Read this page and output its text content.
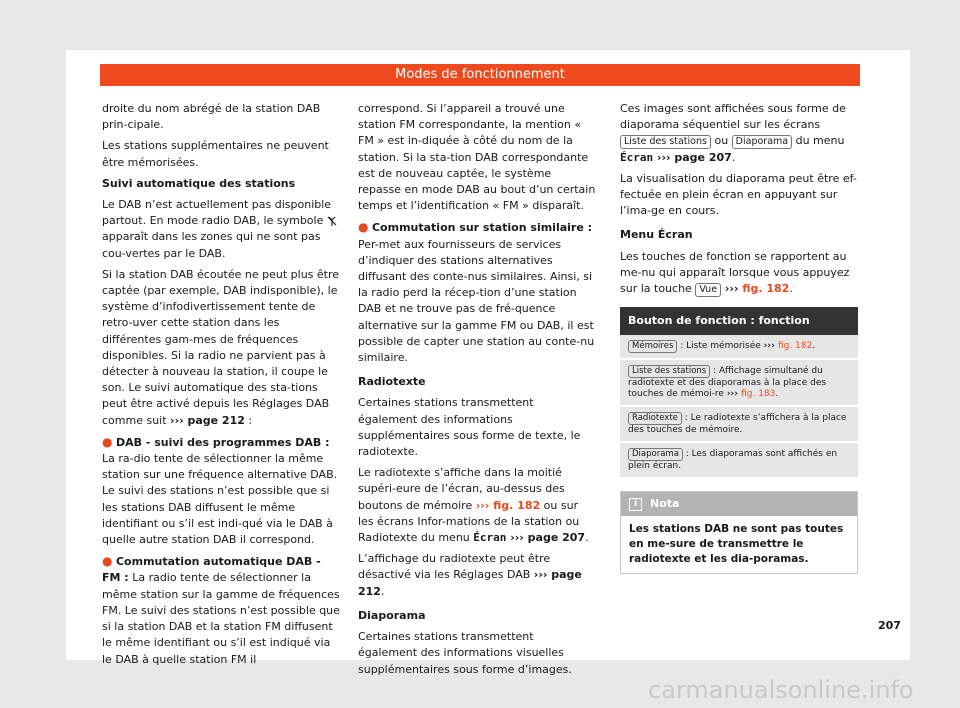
Modes de fonctionnement

droite du nom abrégé de la station DAB prin-cipale.

Les stations supplémentaires ne peuvent être mémorisées.

Suivi automatique des stations

Le DAB n’est actuellement pas disponible partout. En mode radio DAB, le symbole  apparaît dans les zones qui ne sont pas cou-vertes par le DAB.

Si la station DAB écoutée ne peut plus être captée (par exemple, DAB indisponible), le système d’infodivertissement tente de retro-uver cette station dans les différentes gam-mes de fréquences disponibles. Si la radio ne parvient pas à détecter à nouveau la station, il coupe le son. Le suivi automatique des sta-tions peut être activé depuis les Réglages DAB comme suit ››› page 212 :

● DAB - suivi des programmes DAB : La ra-dio tente de sélectionner la même station sur une fréquence alternative DAB. Le suivi des stations n’est possible que si les stations DAB diffusent le même identifiant ou s’il est indi-qué via le DAB à quelle autre station DAB il correspond.

● Commutation automatique DAB - FM : La radio tente de sélectionner la même station sur la gamme de fréquences FM. Le suivi des stations n’est possible que si la station DAB et la station FM diffusent le même identifiant ou s’il est indiqué via le DAB à quelle station FM il

correspond. Si l’appareil a trouvé une station FM correspondante, la mention « FM » est in-diquée à côté du nom de la station. Si la sta-tion DAB correspondante est de nouveau captée, le système repasse en mode DAB au bout d’un certain temps et l’identification « FM » disparaît.

● Commutation sur station similaire : Per-met aux fournisseurs de services d’indiquer des stations alternatives diffusant des conte-nus similaires. Ainsi, si la radio perd la récep-tion d’une station DAB et ne trouve pas de fré-quence alternative sur la gamme FM ou DAB, il est possible de capter une station au conte-nu similaire.

Radiotexte

Certaines stations transmettent également des informations supplémentaires sous forme de texte, le radiotexte.

Le radiotexte s’affiche dans la moitié supéri-eure de l’écran, au-dessus des boutons de mémoire ››› fig. 182 ou sur les écrans Infor-mations de la station ou Radiotexte du menu Écran ››› page 207.

L’affichage du radiotexte peut être désactivé via les Réglages DAB ››› page 212.

Diaporama

Certaines stations transmettent également des informations visuelles supplémentaires sous forme d’images.

Ces images sont affichées sous forme de diaporama séquentiel sur les écrans Liste des stations ou Diaporama du menu Écran ››› page 207.

La visualisation du diaporama peut être ef-fectuée en plein écran en appuyant sur l’ima-ge en cours.

Menu Écran

Les touches de fonction se rapportent au me-nu qui apparaît lorsque vous appuyez sur la touche Vue ››› fig. 182.

Bouton de fonction : fonction
Mémoires : Liste mémorisée ››› fig. 182.
Liste des stations : Affichage simultané du radiotexte et des diaporamas à la place des touches de mémoi-re ››› fig. 183.
Radiotexte : Le radiotexte s’affichera à la place des touches de mémoire.
Diaporama : Les diaporamas sont affichés en plein écran.
i Nota
Les stations DAB ne sont pas toutes en me-sure de transmettre le radiotexte et les dia-poramas.
207
carmanualsonline.info
